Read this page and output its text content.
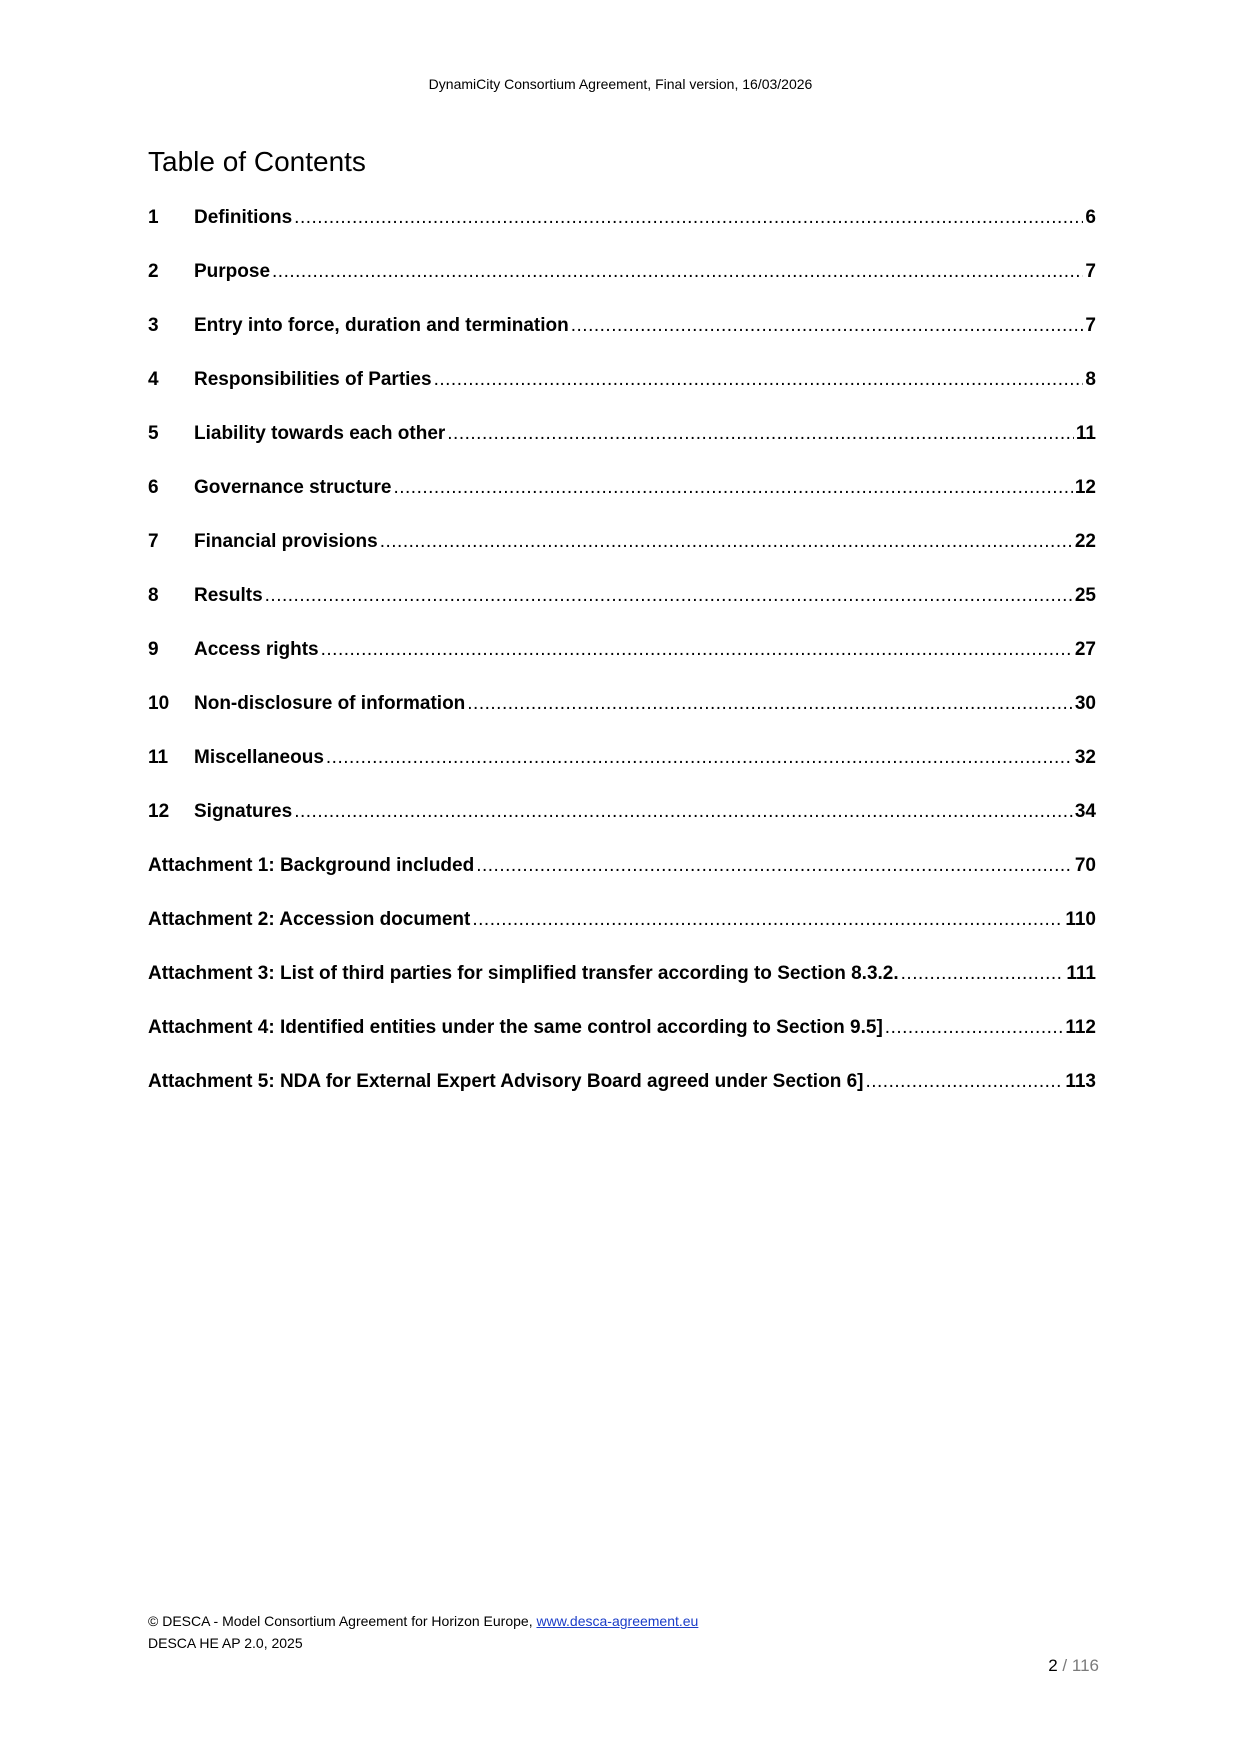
DynamiCity Consortium Agreement, Final version, 16/03/2026
Table of Contents
1	Definitions .....	6
2	Purpose .....	7
3	Entry into force, duration and termination .....	7
4	Responsibilities of Parties .....	8
5	Liability towards each other .....	11
6	Governance structure .....	12
7	Financial provisions .....	22
8	Results .....	25
9	Access rights .....	27
10	Non-disclosure of information .....	30
11	Miscellaneous .....	32
12	Signatures .....	34
Attachment 1: Background included .....	70
Attachment 2: Accession document .....	110
Attachment 3: List of third parties for simplified transfer according to Section 8.3.2. .....	111
Attachment 4: Identified entities under the same control according to Section 9.5] .....	112
Attachment 5: NDA for External Expert Advisory Board agreed under Section 6] .....	113
© DESCA - Model Consortium Agreement for Horizon Europe, www.desca-agreement.eu
DESCA HE AP 2.0, 2025
2 / 116
